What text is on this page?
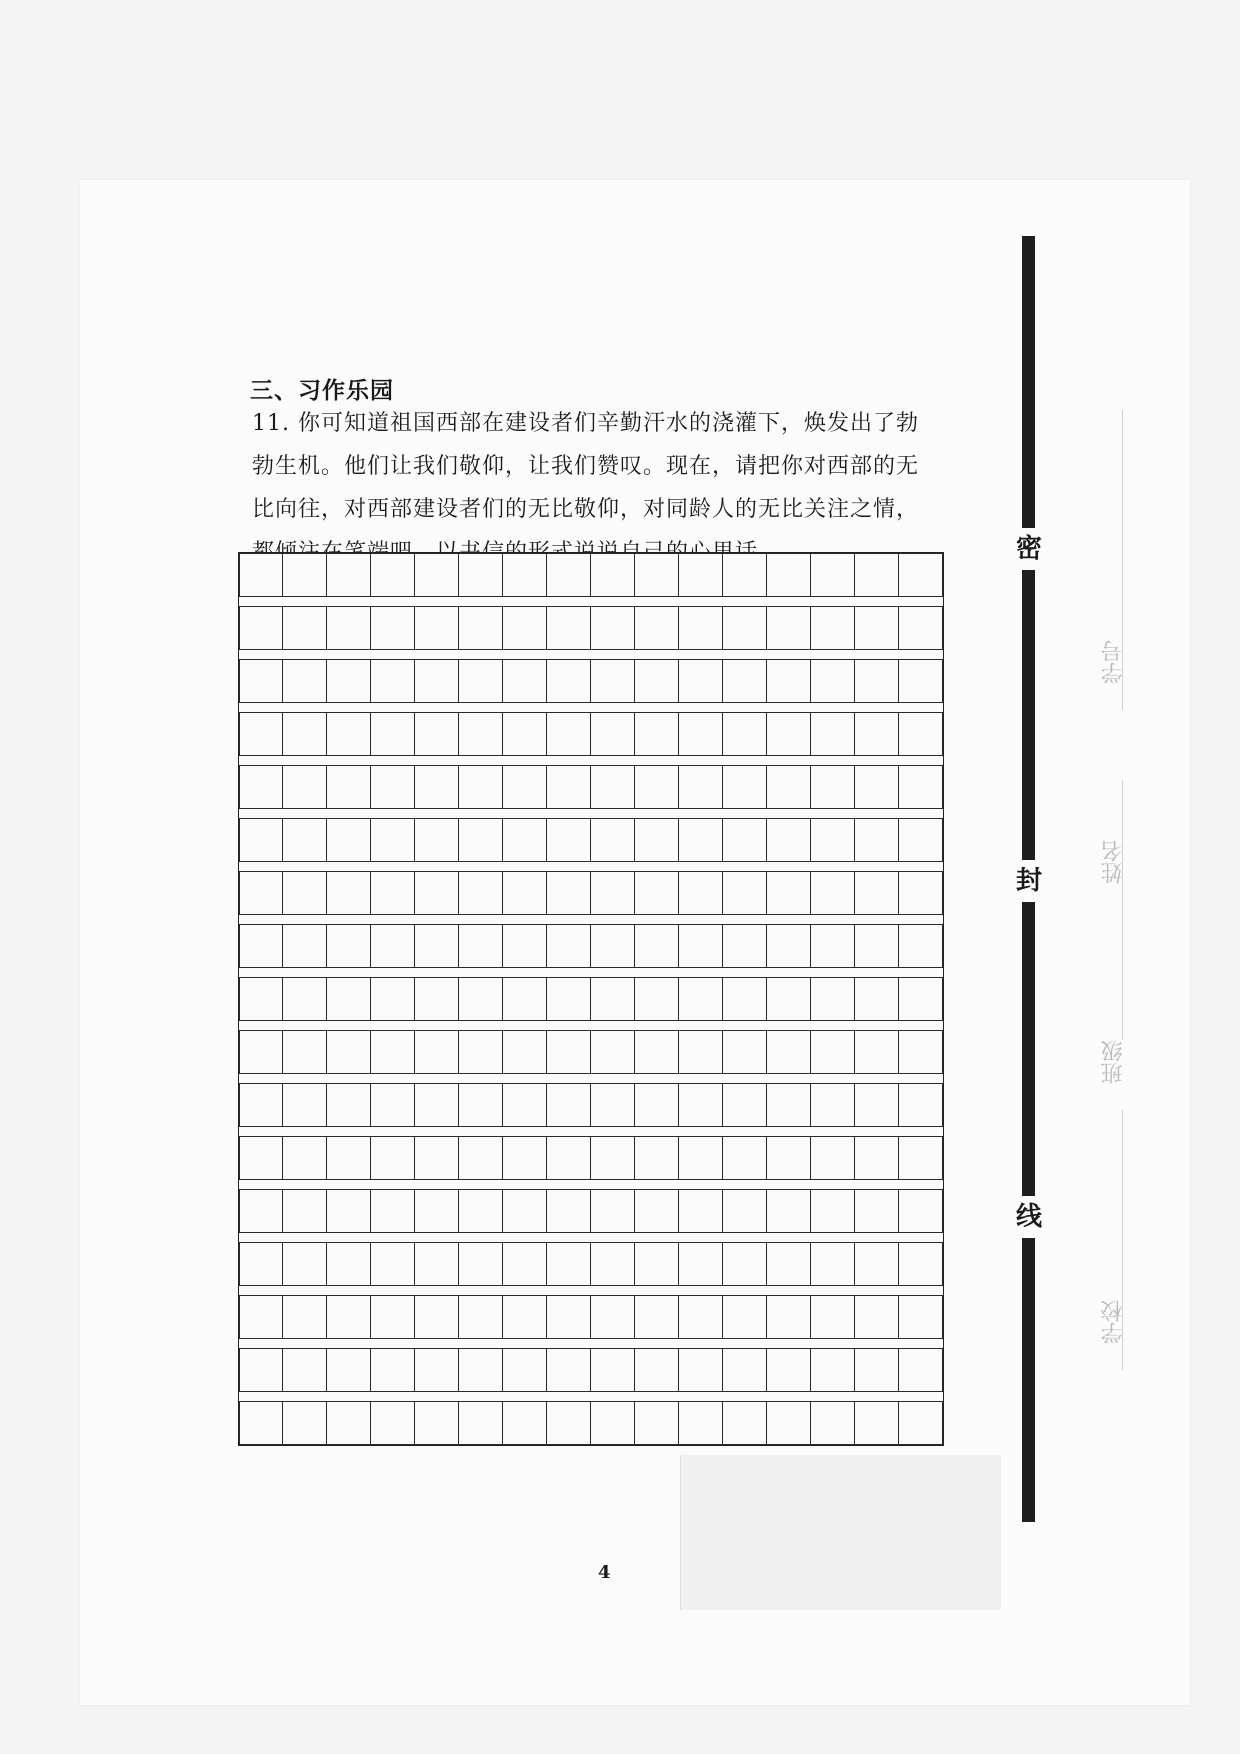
三、习作乐园
11. 你可知道祖国西部在建设者们辛勤汗水的浇灌下，焕发出了勃勃生机。他们让我们敬仰，让我们赞叹。现在，请把你对西部的无比向往，对西部建设者们的无比敬仰，对同龄人的无比关注之情，
4
密
封
线
学号
姓名
班级
学校
